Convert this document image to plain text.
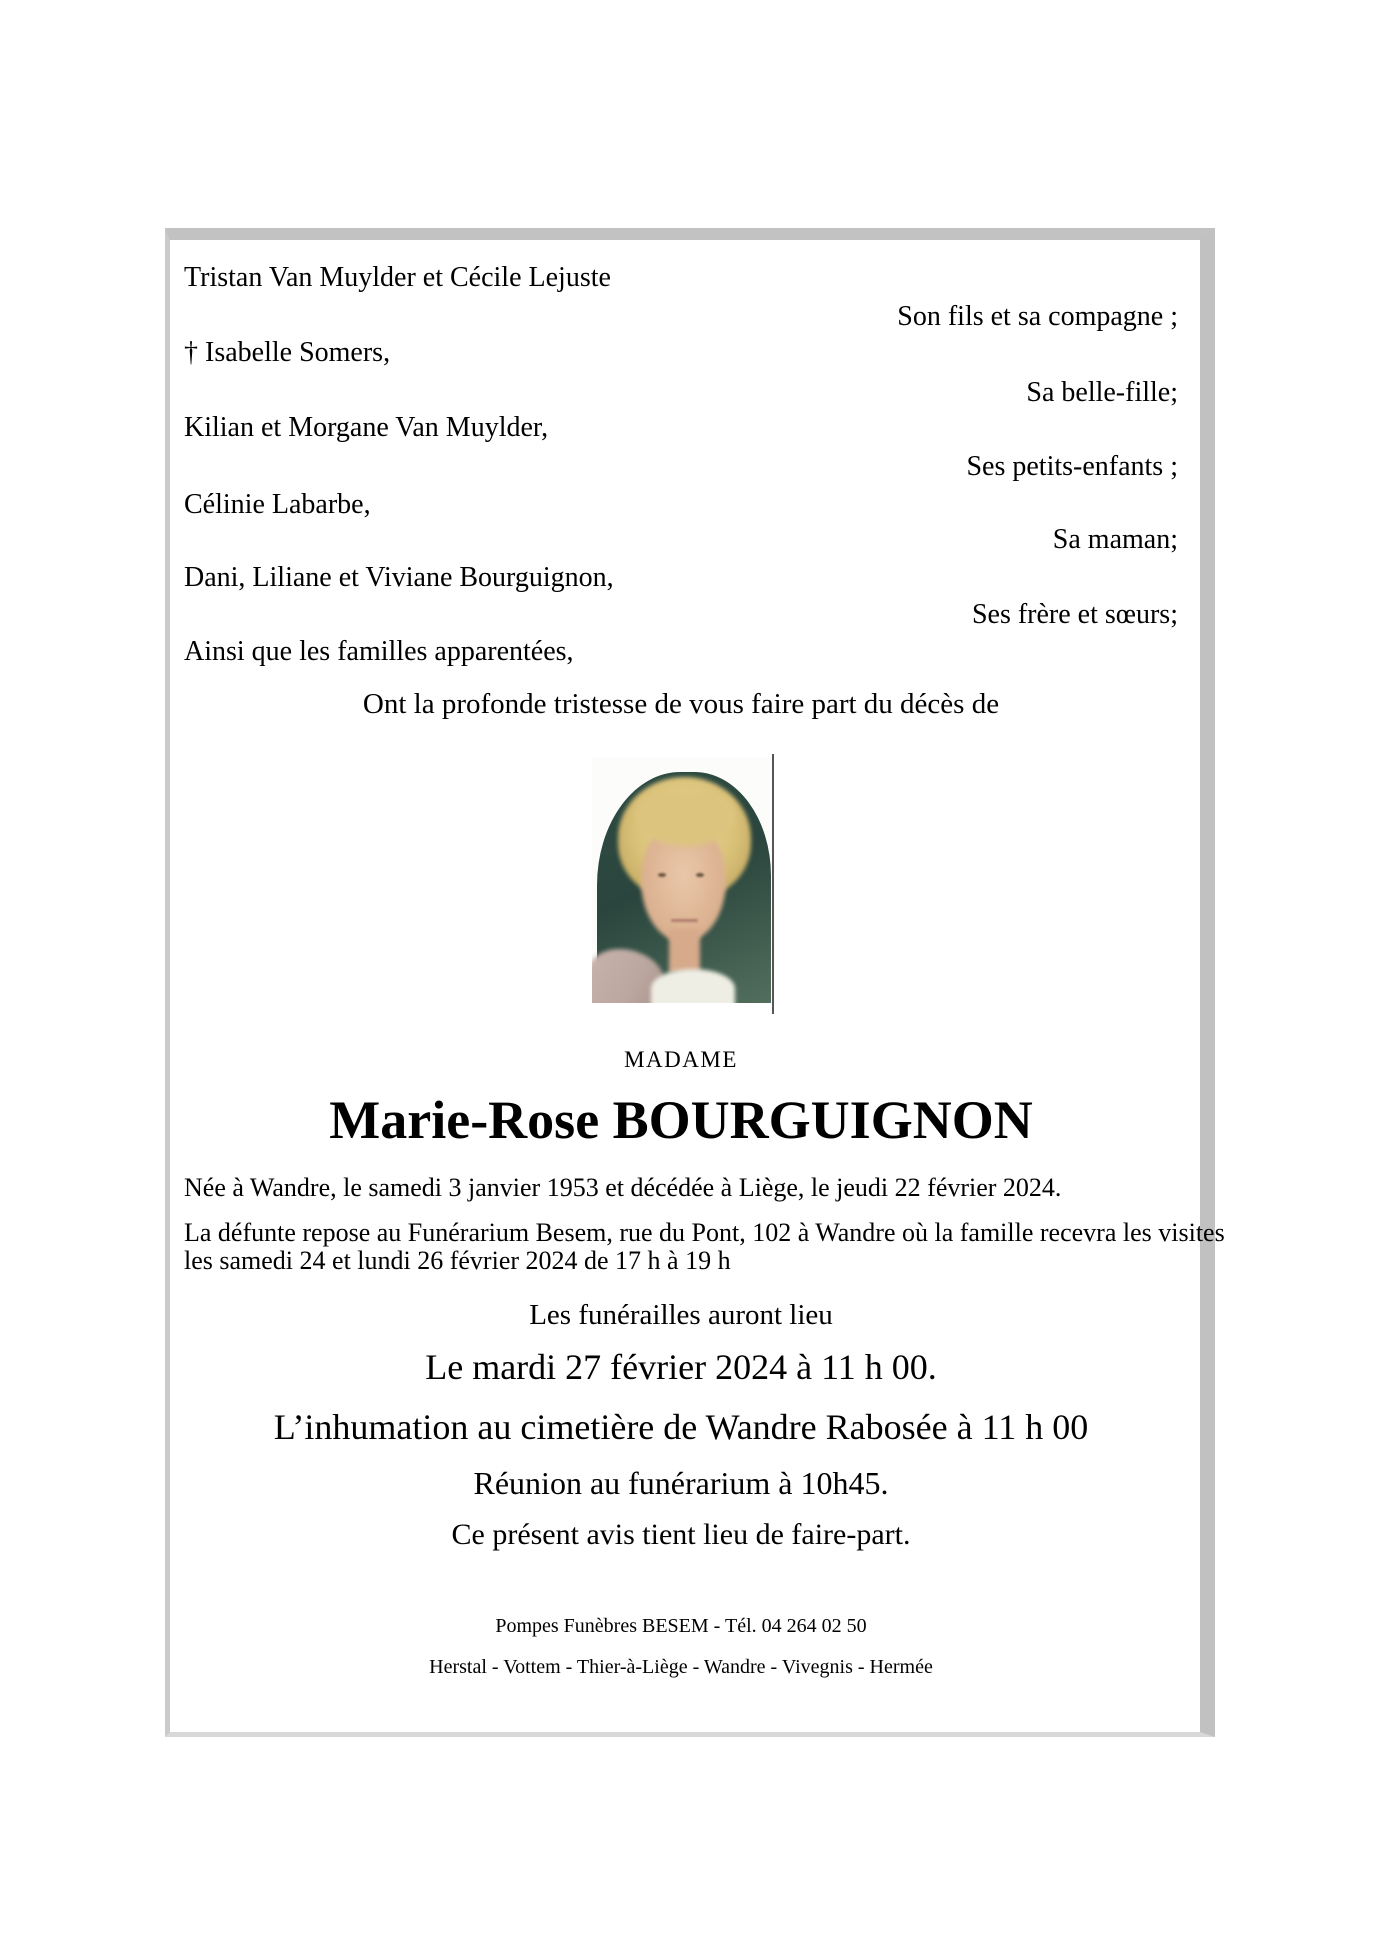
Tristan Van Muylder et Cécile Lejuste
Son fils et sa compagne ;
† Isabelle Somers,
Sa belle-fille;
Kilian et Morgane Van Muylder,
Ses petits-enfants ;
Célinie Labarbe,
Sa maman;
Dani, Liliane et Viviane Bourguignon,
Ses frère et sœurs;
Ainsi que les familles apparentées,
Ont la profonde tristesse de vous faire part du décès de
MADAME
Marie-Rose BOURGUIGNON
Née à Wandre, le samedi 3 janvier 1953 et décédée à Liège, le jeudi 22 février 2024.
La défunte repose au Funérarium Besem, rue du Pont, 102 à Wandre où la famille recevra les visites
les samedi 24 et lundi 26 février 2024 de 17 h à 19 h
Les funérailles auront lieu
Le mardi 27 février 2024 à 11 h 00.
L’inhumation au cimetière de Wandre Rabosée à 11 h 00
Réunion au funérarium à 10h45.
Ce présent avis tient lieu de faire-part.
Pompes Funèbres BESEM - Tél. 04 264 02 50
Herstal - Vottem - Thier-à-Liège - Wandre - Vivegnis - Hermée
